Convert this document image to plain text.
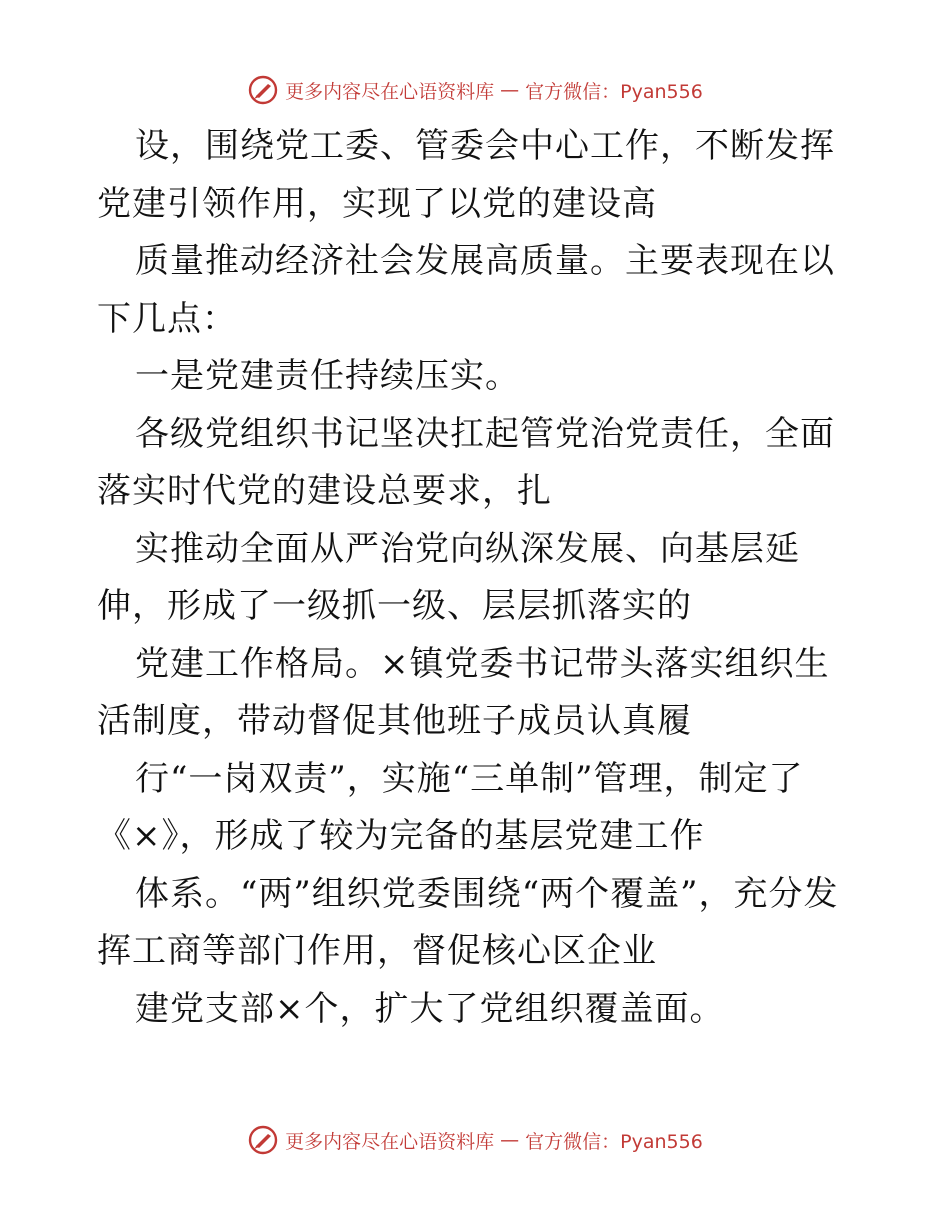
更多内容尽在心语资料库 — 官方微信：Pyan556

设，围绕党工委、管委会中心工作，不断发挥党建引领作用，实现了以党的建设高

质量推动经济社会发展高质量。主要表现在以下几点：

一是党建责任持续压实。

各级党组织书记坚决扛起管党治党责任，全面落实时代党的建设总要求，扎

实推动全面从严治党向纵深发展、向基层延伸，形成了一级抓一级、层层抓落实的

党建工作格局。×镇党委书记带头落实组织生活制度，带动督促其他班子成员认真履

行“一岗双责”，实施“三单制”管理，制定了《×》，形成了较为完备的基层党建工作

体系。“两”组织党委围绕“两个覆盖”，充分发挥工商等部门作用，督促核心区企业

建党支部×个，扩大了党组织覆盖面。

更多内容尽在心语资料库 — 官方微信：Pyan556
